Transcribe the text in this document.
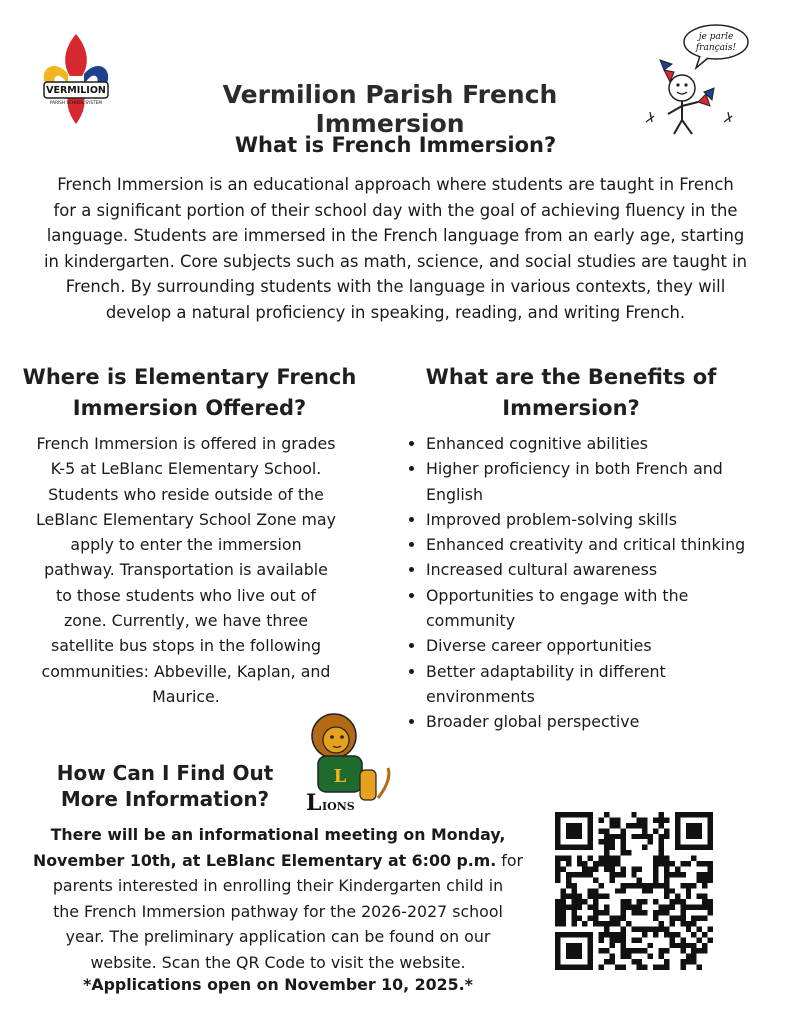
VERMILION
PARISH SCHOOL SYSTEM
je parle
français!
Vermilion Parish French Immersion
What is French Immersion?
French Immersion is an educational approach where students are taught in French
for a significant portion of their school day with the goal of achieving fluency in the
language. Students are immersed in the French language from an early age, starting
in kindergarten. Core subjects such as math, science, and social studies are taught in
French. By surrounding students with the language in various contexts, they will
develop a natural proficiency in speaking, reading, and writing French.
Where is Elementary French
Immersion Offered?
French Immersion is offered in grades
K-5 at LeBlanc Elementary School.
Students who reside outside of the
LeBlanc Elementary School Zone may
apply to enter the immersion
pathway. Transportation is available
to those students who live out of
zone. Currently, we have three
satellite bus stops in the following
communities: Abbeville, Kaplan, and
Maurice.
What are the Benefits of
Immersion?
• Enhanced cognitive abilities
• Higher proficiency in both French and English
• Improved problem-solving skills
• Enhanced creativity and critical thinking
• Increased cultural awareness
• Opportunities to engage with the community
• Diverse career opportunities
• Better adaptability in different environments
• Broader global perspective
L
L IONS
How Can I Find Out
More Information?
There will be an informational meeting on Monday,
November 10th, at LeBlanc Elementary at 6:00 p.m. for
parents interested in enrolling their Kindergarten child in
the French Immersion pathway for the 2026-2027 school
year. The preliminary application can be found on our
website. Scan the QR Code to visit the website.
*Applications open on November 10, 2025.*
